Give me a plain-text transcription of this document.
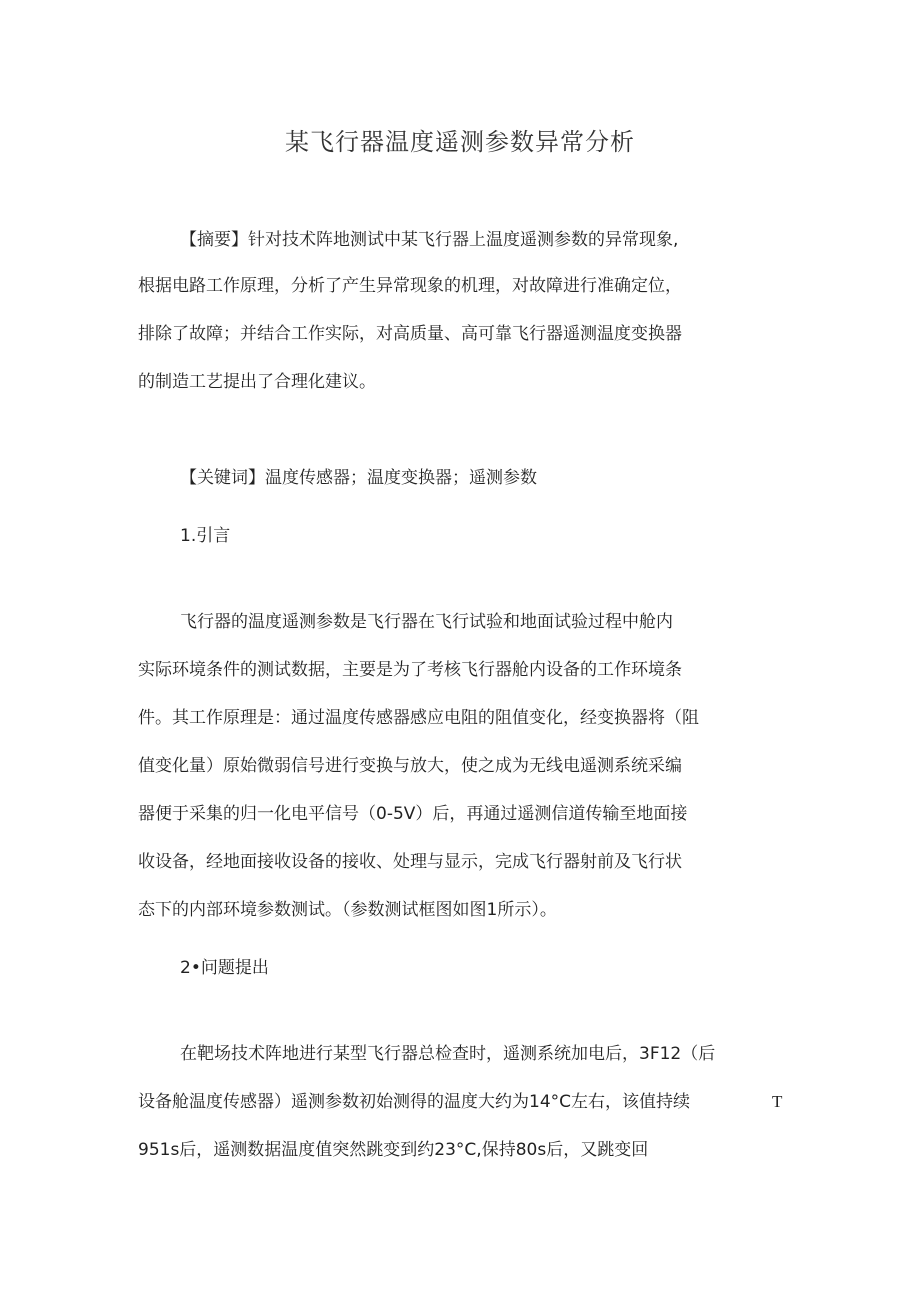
某飞行器温度遥测参数异常分析
【摘要】针对技术阵地测试中某飞行器上温度遥测参数的异常现象,
根据电路工作原理，分析了产生异常现象的机理，对故障进行准确定位，
排除了故障；并结合工作实际，对高质量、高可靠飞行器遥测温度变换器
的制造工艺提出了合理化建议。
【关键词】温度传感器；温度变换器；遥测参数
1.引言
飞行器的温度遥测参数是飞行器在飞行试验和地面试验过程中舱内
实际环境条件的测试数据，主要是为了考核飞行器舱内设备的工作环境条
件。其工作原理是：通过温度传感器感应电阻的阻值变化，经变换器将（阻
值变化量）原始微弱信号进行变换与放大，使之成为无线电遥测系统采编
器便于采集的归一化电平信号（0-5V）后，再通过遥测信道传输至地面接
收设备，经地面接收设备的接收、处理与显示，完成飞行器射前及飞行状
态下的内部环境参数测试。（参数测试框图如图1所示）。
2•问题提出
在靶场技术阵地进行某型飞行器总检查时，遥测系统加电后，3F12（后
设备舱温度传感器）遥测参数初始测得的温度大约为14°C左右，该值持续
951s后，遥测数据温度值突然跳变到约23°C,保持80s后，又跳变回
T
